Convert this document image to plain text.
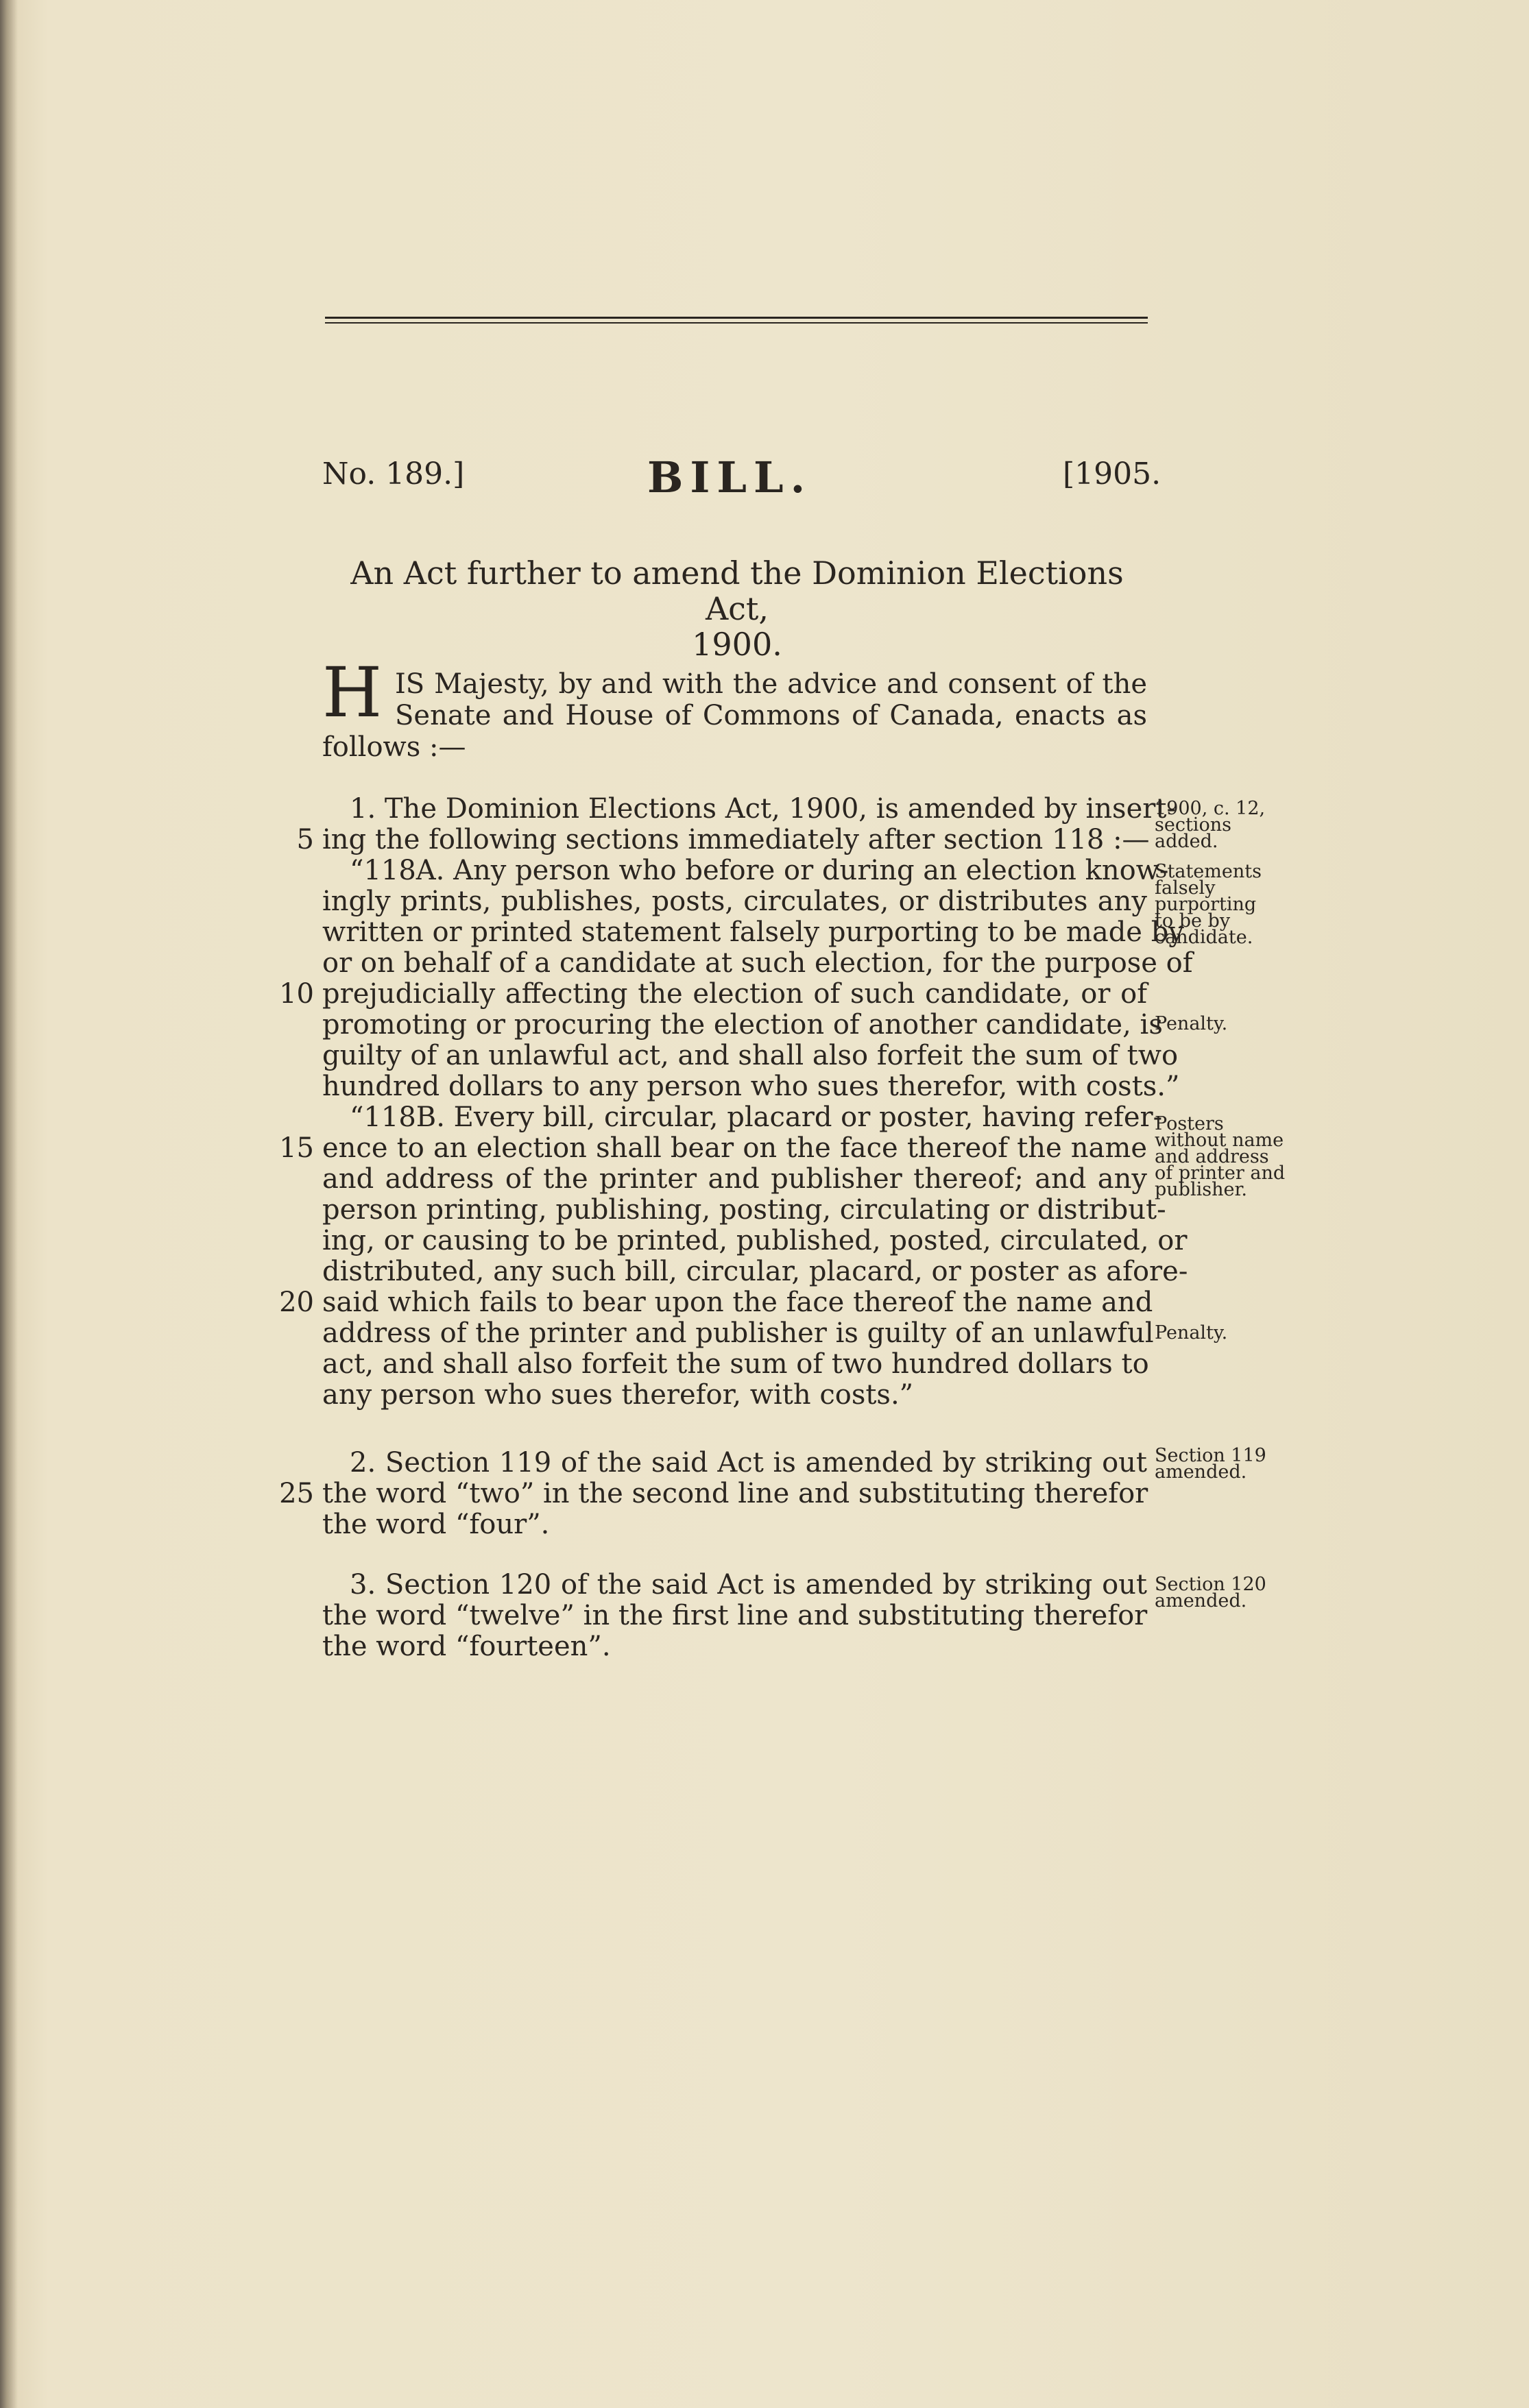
No. 189.]	BILL.	[1905.
An Act further to amend the Dominion Elections Act,
1900.
H IS Majesty, by and with the advice and consent of the
Senate and House of Commons of Canada, enacts as
follows :—
1. The Dominion Elections Act, 1900, is amended by insert-
ing the following sections immediately after section 118 :—
5
“118A. Any person who before or during an election know-
ingly prints, publishes, posts, circulates, or distributes any
written or printed statement falsely purporting to be made by
or on behalf of a candidate at such election, for the purpose of
prejudicially affecting the election of such candidate, or of
10
promoting or procuring the election of another candidate, is
guilty of an unlawful act, and shall also forfeit the sum of two
hundred dollars to any person who sues therefor, with costs.”
“118B. Every bill, circular, placard or poster, having refer-
ence to an election shall bear on the face thereof the name
15
and address of the printer and publisher thereof; and any
person printing, publishing, posting, circulating or distribut-
ing, or causing to be printed, published, posted, circulated, or
distributed, any such bill, circular, placard, or poster as afore-
said which fails to bear upon the face thereof the name and
20
address of the printer and publisher is guilty of an unlawful
act, and shall also forfeit the sum of two hundred dollars to
any person who sues therefor, with costs.”
2. Section 119 of the said Act is amended by striking out
the word “two” in the second line and substituting therefor
25
the word “four”.
3. Section 120 of the said Act is amended by striking out
the word “twelve” in the first line and substituting therefor
the word “fourteen”.
1900, c. 12,
sections
added.
Statements
falsely
purporting
to be by
candidate.
Penalty.
Posters
without name
and address
of printer and
publisher.
Penalty.
Section 119
amended.
Section 120
amended.
